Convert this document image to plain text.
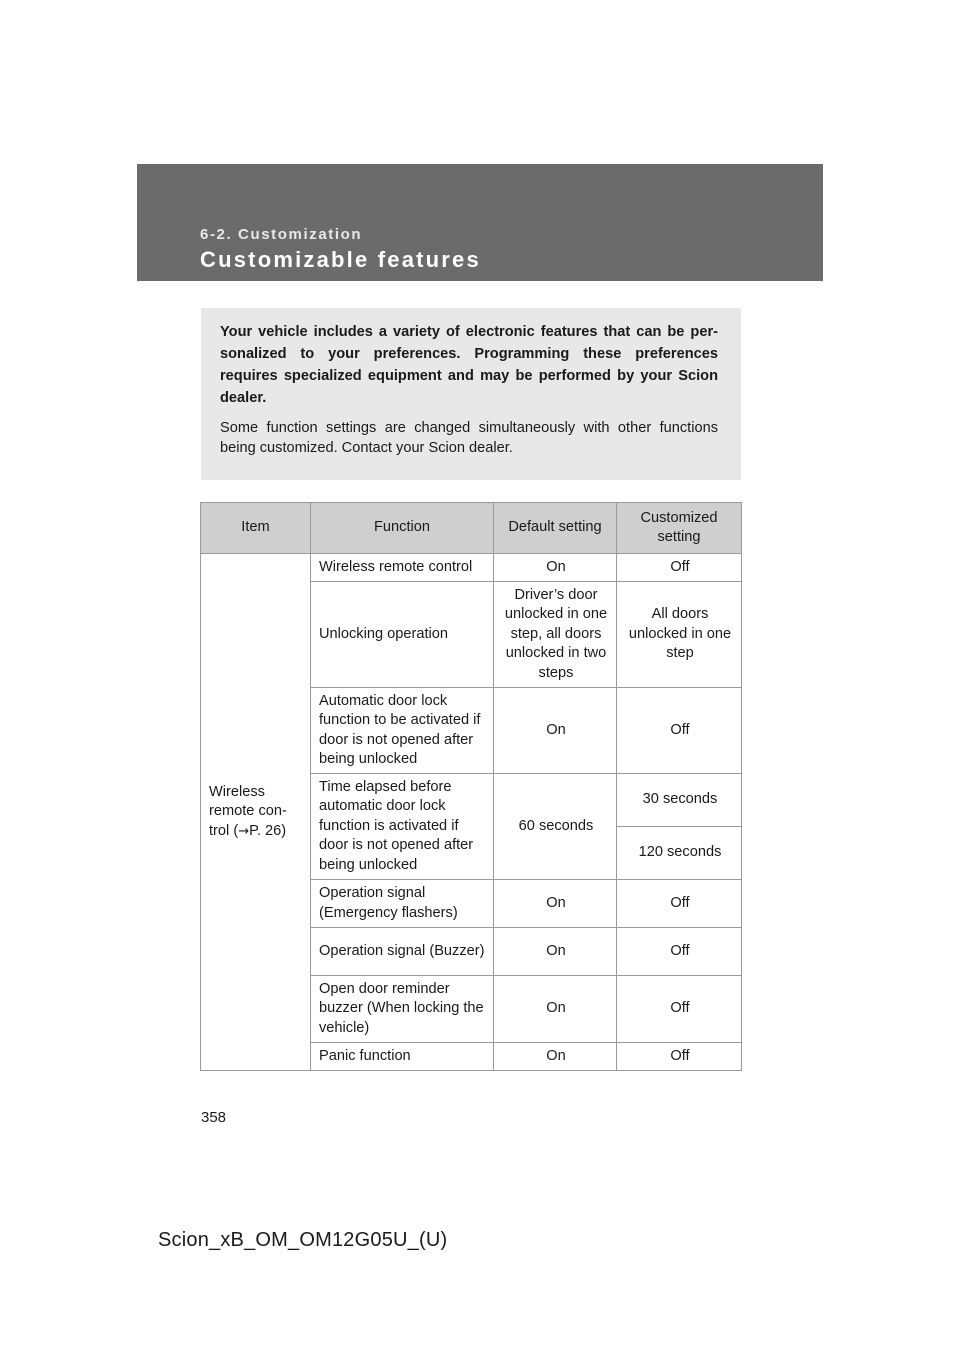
6-2. Customization
Customizable features

Your vehicle includes a variety of electronic features that can be per-sonalized to your preferences. Programming these preferences requires specialized equipment and may be performed by your Scion dealer.

Some function settings are changed simultaneously with other functions being customized. Contact your Scion dealer.

Item	Function	Default setting	Customized setting
Wireless remote con-trol (→P. 26)	Wireless remote control	On	Off
	Unlocking operation	Driver’s door unlocked in one step, all doors unlocked in two steps	All doors unlocked in one step
	Automatic door lock function to be activated if door is not opened after being unlocked	On	Off
	Time elapsed before automatic door lock function is activated if door is not opened after being unlocked	60 seconds	30 seconds
			120 seconds
	Operation signal (Emergency flashers)	On	Off
	Operation signal (Buzzer)	On	Off
	Open door reminder buzzer (When locking the vehicle)	On	Off
	Panic function	On	Off
358
Scion_xB_OM_OM12G05U_(U)
